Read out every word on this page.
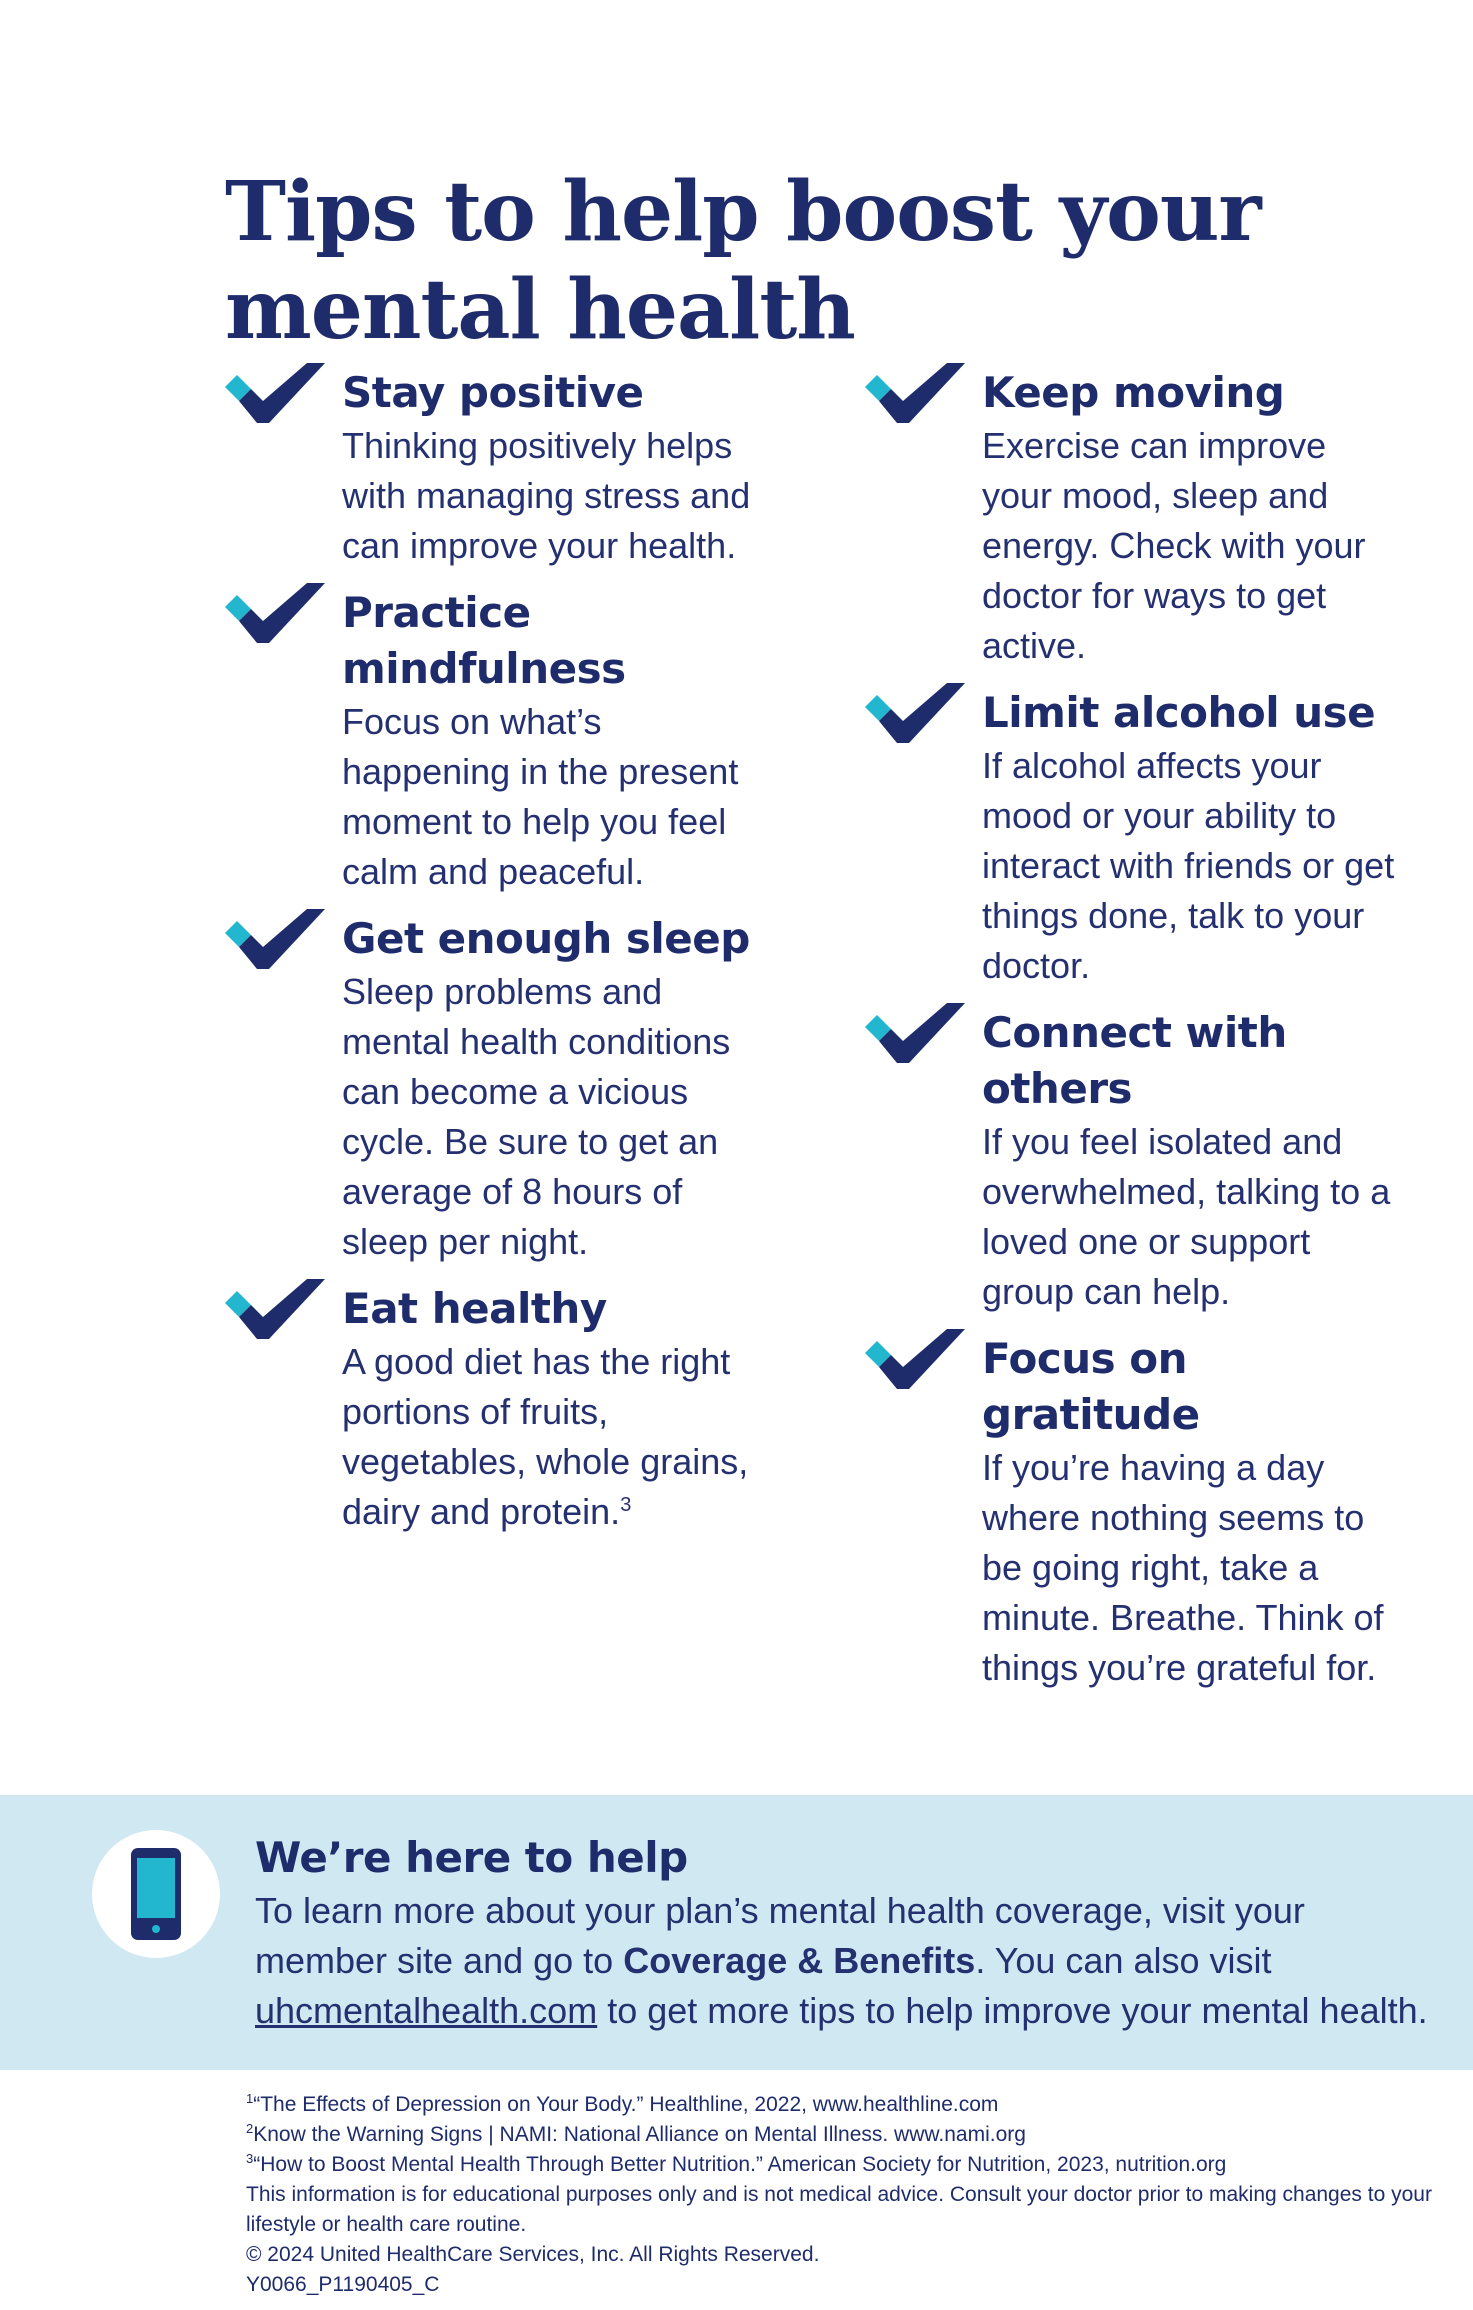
Tips to help boost your mental health
Stay positive
Thinking positively helps with managing stress and can improve your health.
Practice mindfulness
Focus on what’s happening in the present moment to help you feel calm and peaceful.
Get enough sleep
Sleep problems and mental health conditions can become a vicious cycle. Be sure to get an average of 8 hours of sleep per night.
Eat healthy
A good diet has the right portions of fruits, vegetables, whole grains, dairy and protein.$^3$
Keep moving
Exercise can improve your mood, sleep and energy. Check with your doctor for ways to get active.
Limit alcohol use
If alcohol affects your mood or your ability to interact with friends or get things done, talk to your doctor.
Connect with others
If you feel isolated and overwhelmed, talking to a loved one or support group can help.
Focus on gratitude
If you’re having a day where nothing seems to be going right, take a minute. Breathe. Think of things you’re grateful for.
We’re here to help
To learn more about your plan’s mental health coverage, visit your member site and go to Coverage & Benefits. You can also visit uhcmentalhealth.com to get more tips to help improve your mental health.
$^1$“The Effects of Depression on Your Body.” Healthline, 2022, www.healthline.com
$^2$Know the Warning Signs | NAMI: National Alliance on Mental Illness. www.nami.org
$^3$“How to Boost Mental Health Through Better Nutrition.” American Society for Nutrition, 2023, nutrition.org
This information is for educational purposes only and is not medical advice. Consult your doctor prior to making changes to your lifestyle or health care routine.
© 2024 United HealthCare Services, Inc. All Rights Reserved.
Y0066_P1190405_C
